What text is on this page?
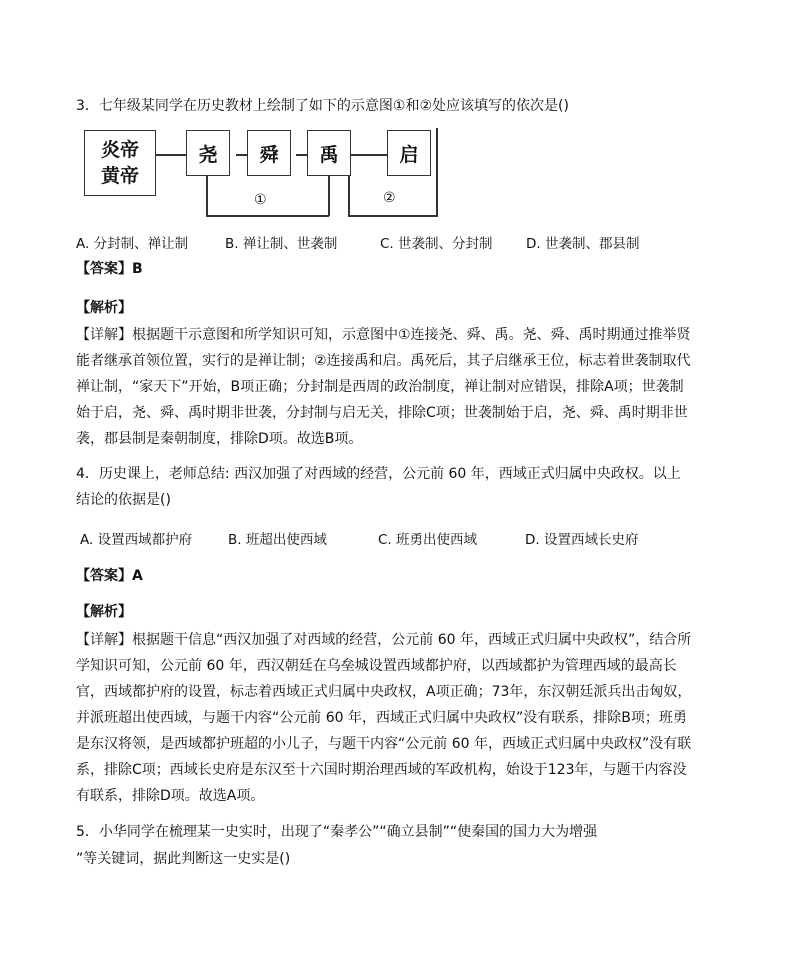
3．七年级某同学在历史教材上绘制了如下的示意图①和②处应该填写的依次是()
炎帝
黄帝
尧	舜	禹	启
①	②
A. 分封制、禅让制	B. 禅让制、世袭制	C. 世袭制、分封制 D. 世袭制、郡县制
【答案】B
【解析】
【详解】根据题干示意图和所学知识可知，示意图中①连接尧、舜、禹。尧、舜、禹时期通过推举贤能者继承首领位置，实行的是禅让制；②连接禹和启。禹死后，其子启继承王位，标志着世袭制取代禅让制，“家天下”开始，B项正确；分封制是西周的政治制度，禅让制对应错误，排除A项；世袭制始于启，尧、舜、禹时期非世袭，分封制与启无关，排除C项；世袭制始于启，尧、舜、禹时期非世袭，郡县制是秦朝制度，排除D项。故选B项。
4．历史课上，老师总结: 西汉加强了对西域的经营，公元前 60 年，西域正式归属中央政权。以上
结论的依据是()
A. 设置西域都护府	B. 班超出使西域	C. 班勇出使西域	D. 设置西域长史府
【答案】A
【解析】
【详解】根据题干信息“西汉加强了对西域的经营，公元前 60 年，西域正式归属中央政权”，结合所学知识可知，公元前 60 年，西汉朝廷在乌垒城设置西域都护府，以西域都护为管理西域的最高长官，西域都护府的设置，标志着西域正式归属中央政权，A项正确；73年，东汉朝廷派兵出击匈奴，并派班超出使西域，与题干内容“公元前 60 年，西域正式归属中央政权”没有联系，排除B项；班勇是东汉将领，是西域都护班超的小儿子，与题干内容“公元前 60 年，西域正式归属中央政权”没有联系，排除C项；西域长史府是东汉至十六国时期治理西域的军政机构，始设于123年，与题干内容没有联系，排除D项。故选A项。
5．小华同学在梳理某一史实时，出现了“秦孝公”“确立县制”“使秦国的国力大为增强
”等关键词，据此判断这一史实是()
